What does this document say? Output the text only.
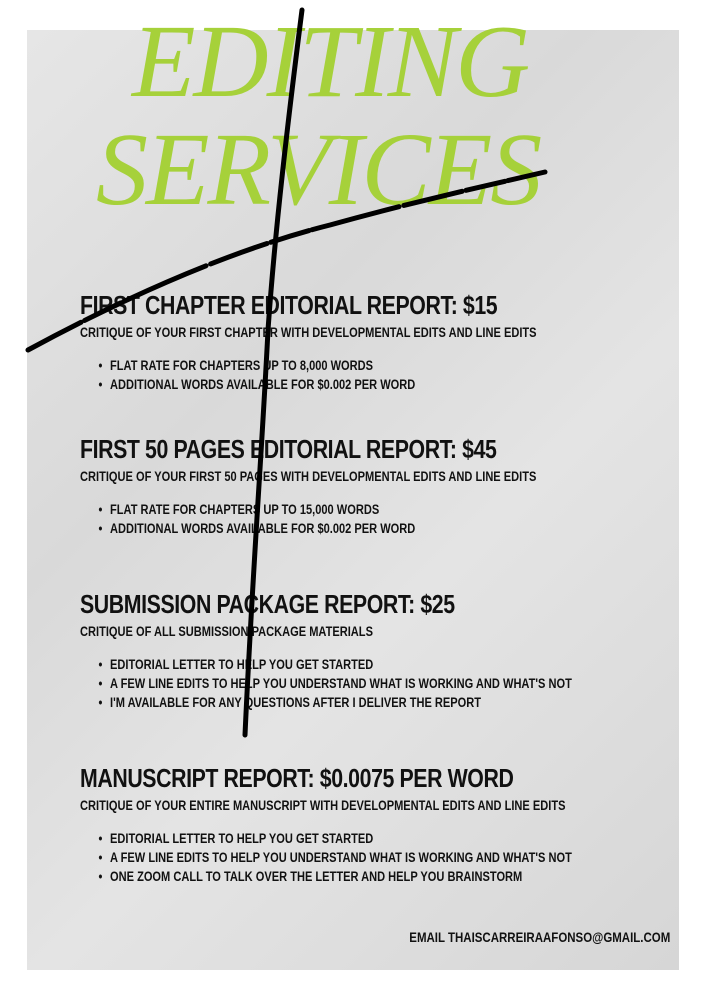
EDITING
SERVICES
FIRST CHAPTER EDITORIAL REPORT: $15
CRITIQUE OF YOUR FIRST CHAPTER WITH DEVELOPMENTAL EDITS AND LINE EDITS
• FLAT RATE FOR CHAPTERS UP TO 8,000 WORDS
• ADDITIONAL WORDS AVAILABLE FOR $0.002 PER WORD
FIRST 50 PAGES EDITORIAL REPORT: $45
CRITIQUE OF YOUR FIRST 50 PAGES WITH DEVELOPMENTAL EDITS AND LINE EDITS
• FLAT RATE FOR CHAPTERS UP TO 15,000 WORDS
• ADDITIONAL WORDS AVAILABLE FOR $0.002 PER WORD
SUBMISSION PACKAGE REPORT: $25
CRITIQUE OF ALL SUBMISSION PACKAGE MATERIALS
• EDITORIAL LETTER TO HELP YOU GET STARTED
• A FEW LINE EDITS TO HELP YOU UNDERSTAND WHAT IS WORKING AND WHAT'S NOT
• I'M AVAILABLE FOR ANY QUESTIONS AFTER I DELIVER THE REPORT
MANUSCRIPT REPORT: $0.0075 PER WORD
CRITIQUE OF YOUR ENTIRE MANUSCRIPT WITH DEVELOPMENTAL EDITS AND LINE EDITS
• EDITORIAL LETTER TO HELP YOU GET STARTED
• A FEW LINE EDITS TO HELP YOU UNDERSTAND WHAT IS WORKING AND WHAT'S NOT
• ONE ZOOM CALL TO TALK OVER THE LETTER AND HELP YOU BRAINSTORM
EMAIL THAISCARREIRAAFONSO@GMAIL.COM
